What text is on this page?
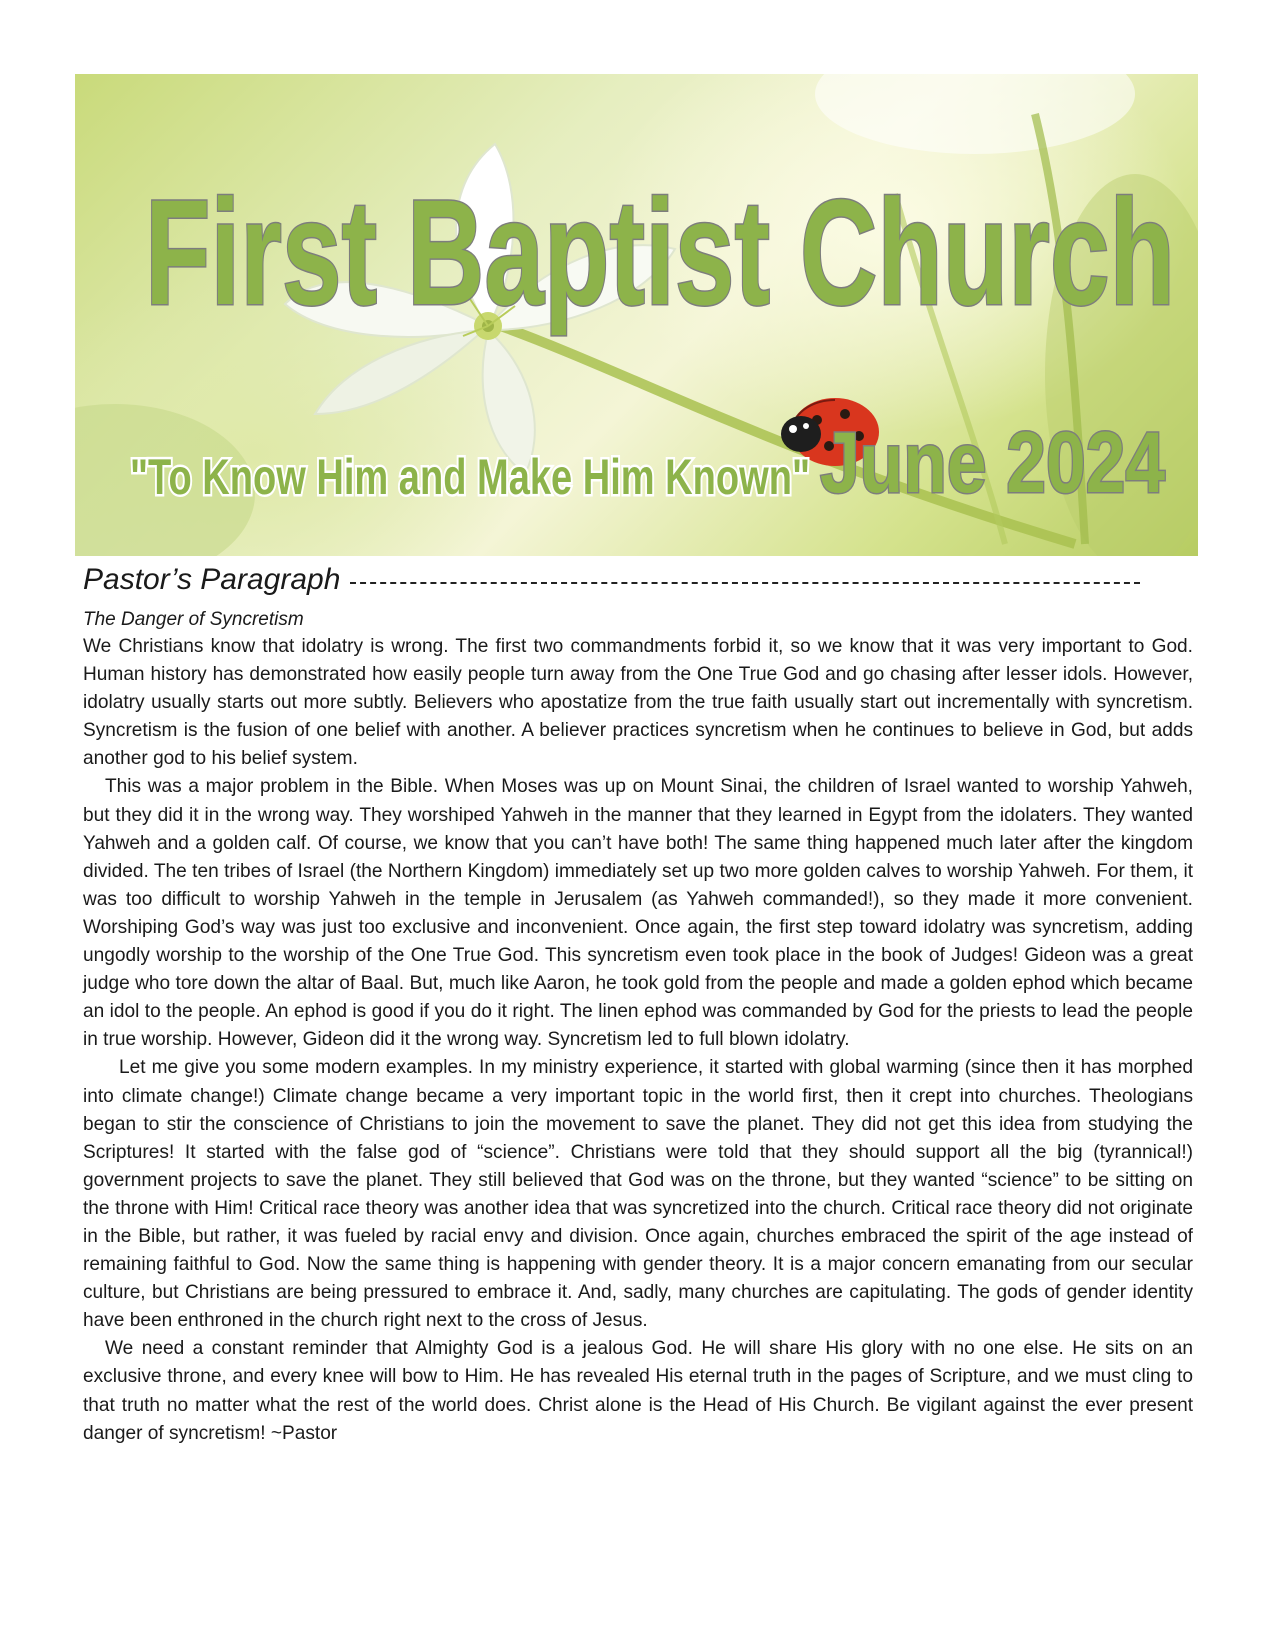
First Baptist Church
"To Know Him and Make Him Known" June 2024
Pastor’s Paragraph
The Danger of Syncretism

We Christians know that idolatry is wrong. The first two commandments forbid it, so we know that it was very important to God. Human history has demonstrated how easily people turn away from the One True God and go chasing after lesser idols. However, idolatry usually starts out more subtly. Believers who apostatize from the true faith usually start out incrementally with syncretism. Syncretism is the fusion of one belief with another. A believer practices syncretism when he continues to believe in God, but adds another god to his belief system.

This was a major problem in the Bible. When Moses was up on Mount Sinai, the children of Israel wanted to worship Yahweh, but they did it in the wrong way. They worshiped Yahweh in the manner that they learned in Egypt from the idolaters. They wanted Yahweh and a golden calf. Of course, we know that you can’t have both! The same thing happened much later after the kingdom divided. The ten tribes of Israel (the Northern Kingdom) immediately set up two more golden calves to worship Yahweh. For them, it was too difficult to worship Yahweh in the temple in Jerusalem (as Yahweh commanded!), so they made it more convenient. Worshiping God’s way was just too exclusive and inconvenient. Once again, the first step toward idolatry was syncretism, adding ungodly worship to the worship of the One True God. This syncretism even took place in the book of Judges! Gideon was a great judge who tore down the altar of Baal. But, much like Aaron, he took gold from the people and made a golden ephod which became an idol to the people. An ephod is good if you do it right. The linen ephod was commanded by God for the priests to lead the people in true worship. However, Gideon did it the wrong way. Syncretism led to full blown idolatry.

Let me give you some modern examples. In my ministry experience, it started with global warming (since then it has morphed into climate change!) Climate change became a very important topic in the world first, then it crept into churches. Theologians began to stir the conscience of Christians to join the movement to save the planet. They did not get this idea from studying the Scriptures! It started with the false god of “science”. Christians were told that they should support all the big (tyrannical!) government projects to save the planet. They still believed that God was on the throne, but they wanted “science” to be sitting on the throne with Him! Critical race theory was another idea that was syncretized into the church. Critical race theory did not originate in the Bible, but rather, it was fueled by racial envy and division. Once again, churches embraced the spirit of the age instead of remaining faithful to God. Now the same thing is happening with gender theory. It is a major concern emanating from our secular culture, but Christians are being pressured to embrace it. And, sadly, many churches are capitulating. The gods of gender identity have been enthroned in the church right next to the cross of Jesus.

We need a constant reminder that Almighty God is a jealous God. He will share His glory with no one else. He sits on an exclusive throne, and every knee will bow to Him. He has revealed His eternal truth in the pages of Scripture, and we must cling to that truth no matter what the rest of the world does. Christ alone is the Head of His Church. Be vigilant against the ever present danger of syncretism! ~Pastor
